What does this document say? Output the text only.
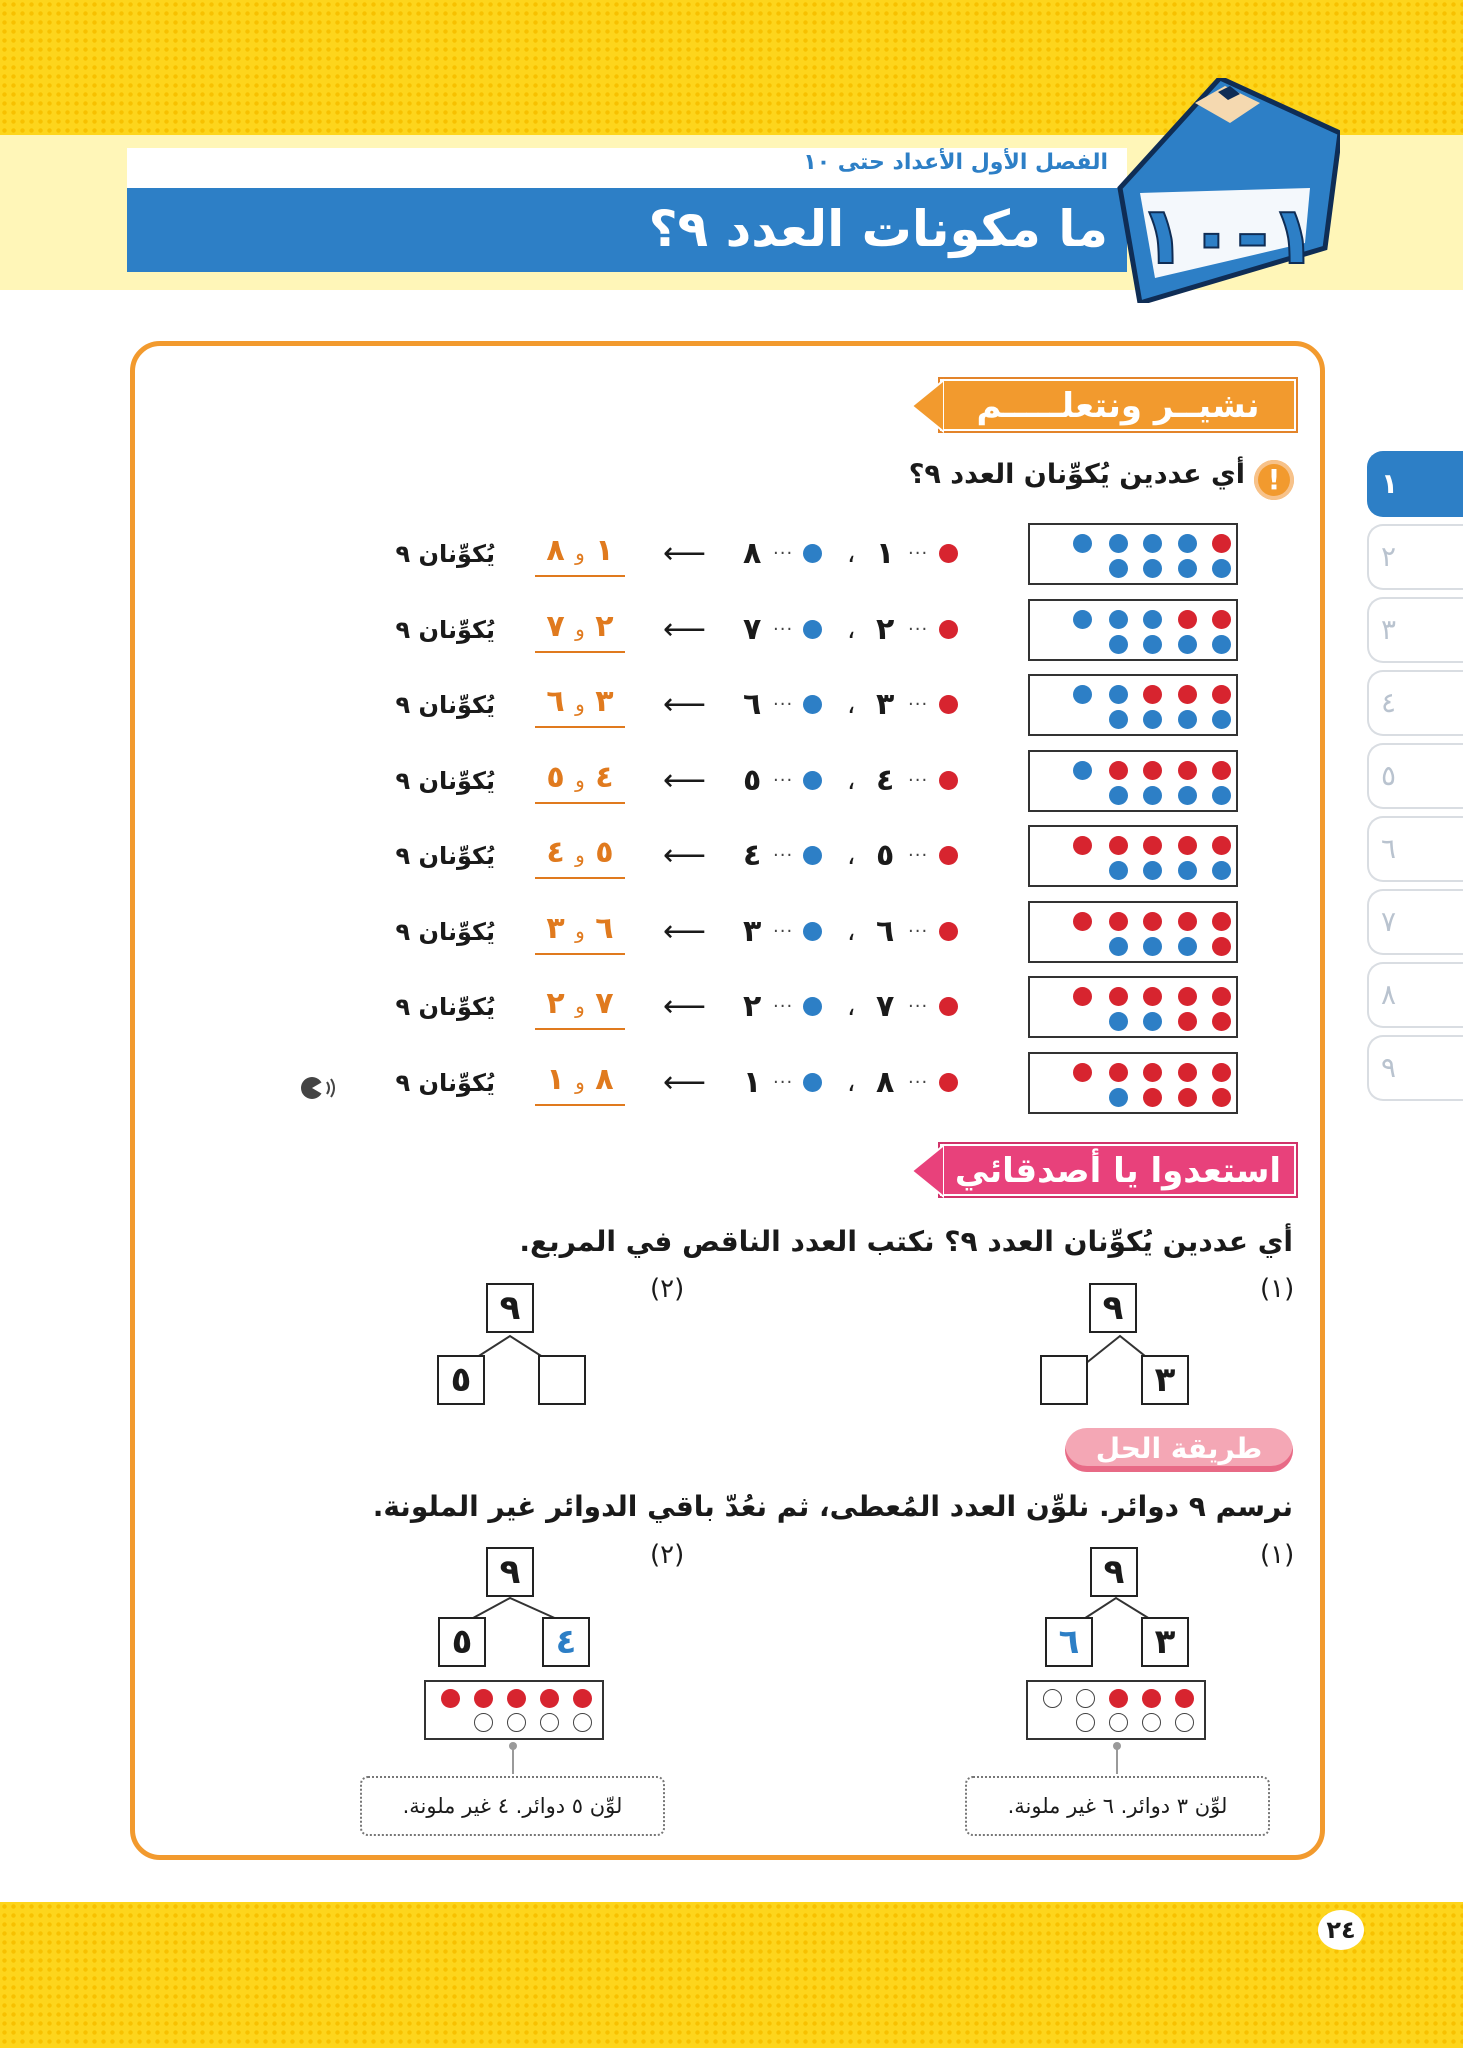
الفصل الأول الأعداد حتى ١٠
ما مكونات العدد ٩؟ ١-١٠
١
٢
٣
٤
٥
٦
٧
٨
٩
نشيــر ونتعلـــــم
!
أي عددين يُكوِّنان العدد ٩؟
···
١
،
···
٨
⟵
١ و ٨
يُكوِّنان ٩
···
٢
،
···
٧
⟵
٢ و ٧
يُكوِّنان ٩
···
٣
،
···
٦
⟵
٣ و ٦
يُكوِّنان ٩
···
٤
،
···
٥
⟵
٤ و ٥
يُكوِّنان ٩
···
٥
،
···
٤
⟵
٥ و ٤
يُكوِّنان ٩
···
٦
،
···
٣
⟵
٦ و ٣
يُكوِّنان ٩
···
٧
،
···
٢
⟵
٧ و ٢
يُكوِّنان ٩
···
٨
،
···
١
⟵
٨ و ١
يُكوِّنان ٩
استعدوا يا أصدقائي
أي عددين يُكوِّنان العدد ٩؟ نكتب العدد الناقص في المربع.
(١)
٩
٣
(٢)
٩
٥
طريقة الحل
نرسم ٩ دوائر. نلوِّن العدد المُعطى، ثم نعُدّ باقي الدوائر غير الملونة.
(١)
٩
٣
٦
لوِّن ٣ دوائر. ٦ غير ملونة.
(٢)
٩
٤
٥
لوِّن ٥ دوائر. ٤ غير ملونة.
٢٤
